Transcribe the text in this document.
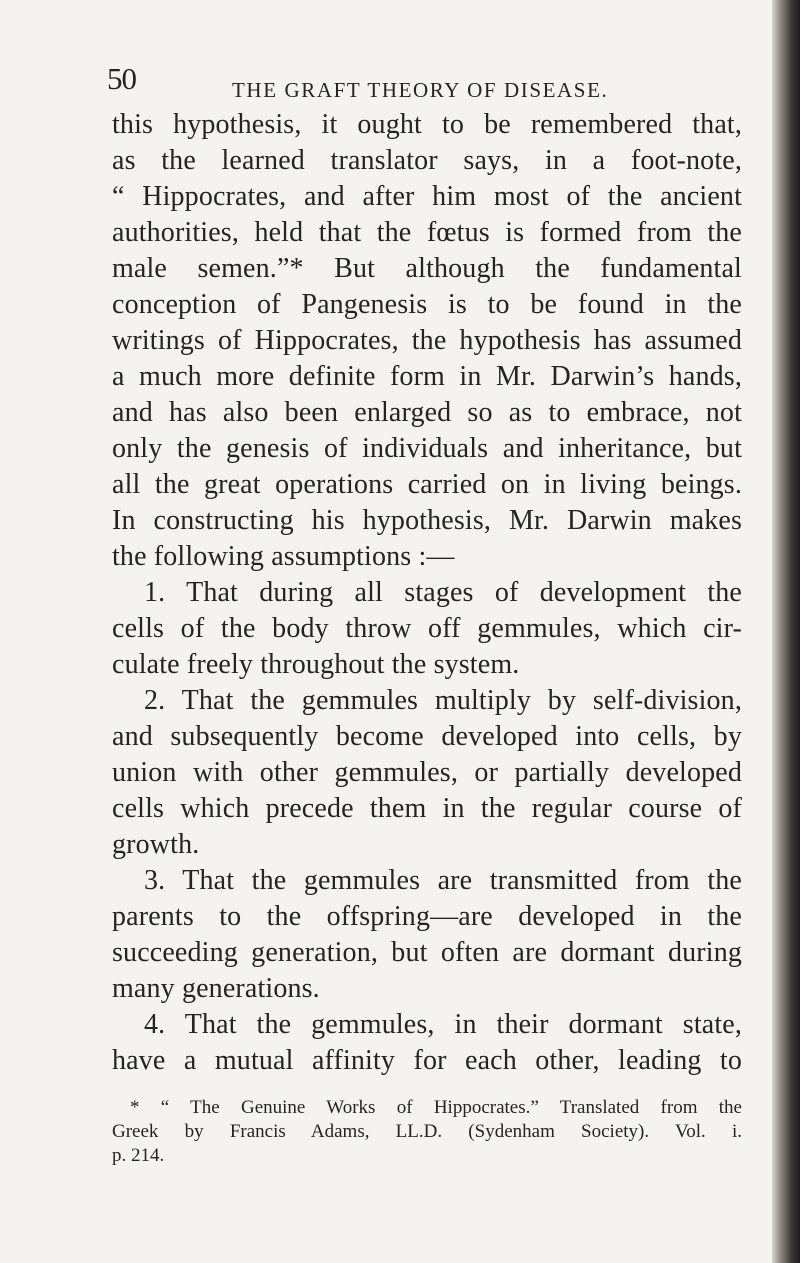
50	THE GRAFT THEORY OF DISEASE.
this hypothesis, it ought to be remembered that,
as the learned translator says, in a foot-note,
“ Hippocrates, and after him most of the ancient
authorities, held that the fœtus is formed from the
male semen.”* But although the fundamental
conception of Pangenesis is to be found in the
writings of Hippocrates, the hypothesis has assumed
a much more definite form in Mr. Darwin’s hands,
and has also been enlarged so as to embrace, not
only the genesis of individuals and inheritance, but
all the great operations carried on in living beings.
In constructing his hypothesis, Mr. Darwin makes
the following assumptions :—
1. That during all stages of development the
cells of the body throw off gemmules, which cir-
culate freely throughout the system.
2. That the gemmules multiply by self-division,
and subsequently become developed into cells, by
union with other gemmules, or partially developed
cells which precede them in the regular course of
growth.
3. That the gemmules are transmitted from the
parents to the offspring—are developed in the
succeeding generation, but often are dormant during
many generations.
4. That the gemmules, in their dormant state,
have a mutual affinity for each other, leading to
* “ The Genuine Works of Hippocrates.” Translated from the
Greek by Francis Adams, LL.D. (Sydenham Society). Vol. i.
p. 214.
